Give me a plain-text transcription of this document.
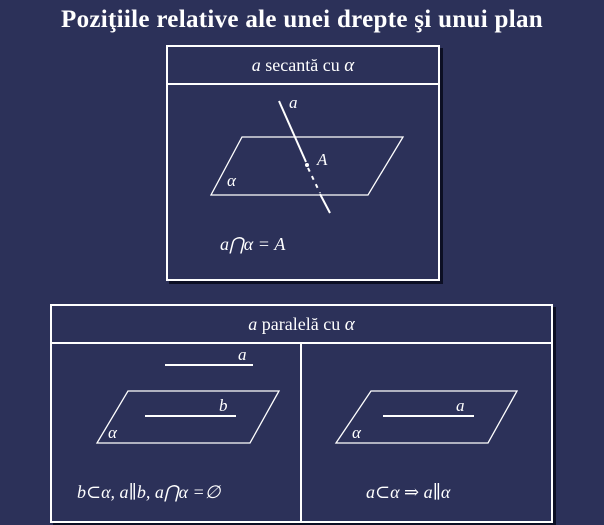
Poziţiile relative ale unei drepte şi unui plan
a secantă cu α
a
A
α
a⋂α = A
a paralelă cu α
a
b
α
b⊂α, a∥b, a⋂α =∅
a
α
a⊂α ⇒ a∥α
